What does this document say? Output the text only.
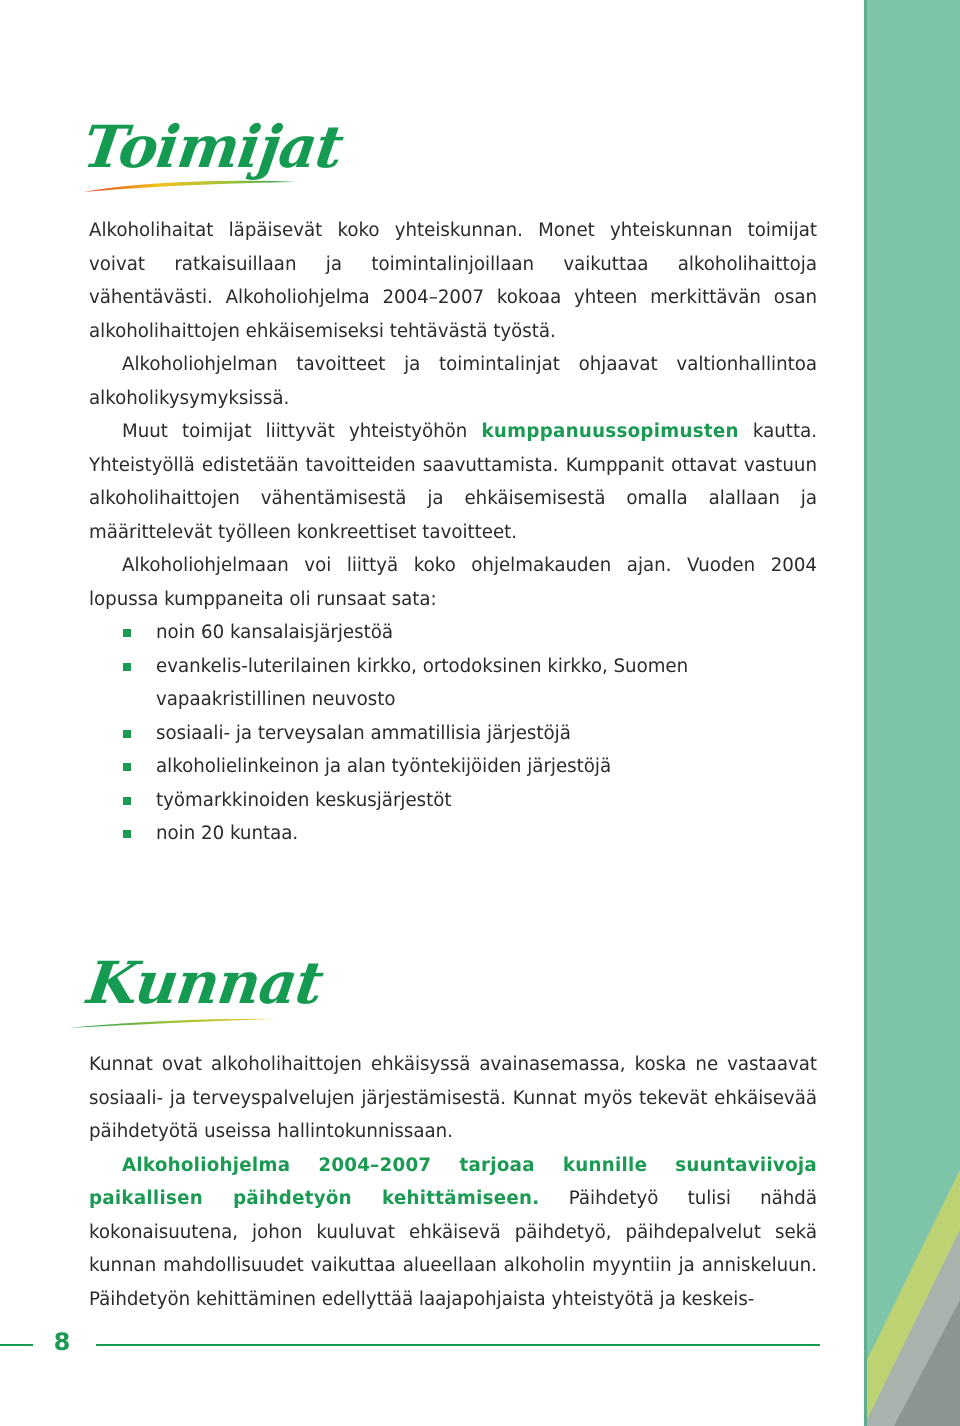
Toimijat

Alkoholihaitat läpäisevät koko yhteiskunnan. Monet yhteiskunnan toimijat voivat ratkaisuillaan ja toimintalinjoillaan vaikuttaa alkoholihaittoja vähentävästi. Alkoholiohjelma 2004–2007 kokoaa yhteen merkittävän osan alkoholihaittojen ehkäisemiseksi tehtävästä työstä.

Alkoholiohjelman tavoitteet ja toimintalinjat ohjaavat valtionhallintoa alkoholikysymyksissä.

Muut toimijat liittyvät yhteistyöhön kumppanuussopimusten kautta. Yhteistyöllä edistetään tavoitteiden saavuttamista. Kumppanit ottavat vastuun alkoholihaittojen vähentämisestä ja ehkäisemisestä omalla alallaan ja määrittelevät työlleen konkreettiset tavoitteet.

Alkoholiohjelmaan voi liittyä koko ohjelmakauden ajan. Vuoden 2004 lopussa kumppaneita oli runsaat sata:

noin 60 kansalaisjärjestöä
evankelis-luterilainen kirkko, ortodoksinen kirkko, Suomen vapaakristillinen neuvosto
sosiaali- ja terveysalan ammatillisia järjestöjä
alkoholielinkeinon ja alan työntekijöiden järjestöjä
työmarkkinoiden keskusjärjestöt
noin 20 kuntaa.
Kunnat

Kunnat ovat alkoholihaittojen ehkäisyssä avainasemassa, koska ne vastaavat sosiaali- ja terveyspalvelujen järjestämisestä. Kunnat myös tekevät ehkäisevää päihdetyötä useissa hallintokunnissaan.

Alkoholiohjelma 2004–2007 tarjoaa kunnille suuntaviivoja paikallisen päihdetyön kehittämiseen. Päihdetyö tulisi nähdä kokonaisuutena, johon kuuluvat ehkäisevä päihdetyö, päihdepalvelut sekä kunnan mahdollisuudet vaikuttaa alueellaan alkoholin myyntiin ja anniskeluun. Päihdetyön kehittäminen edellyttää laajapohjaista yhteistyötä ja keskeis-

8
